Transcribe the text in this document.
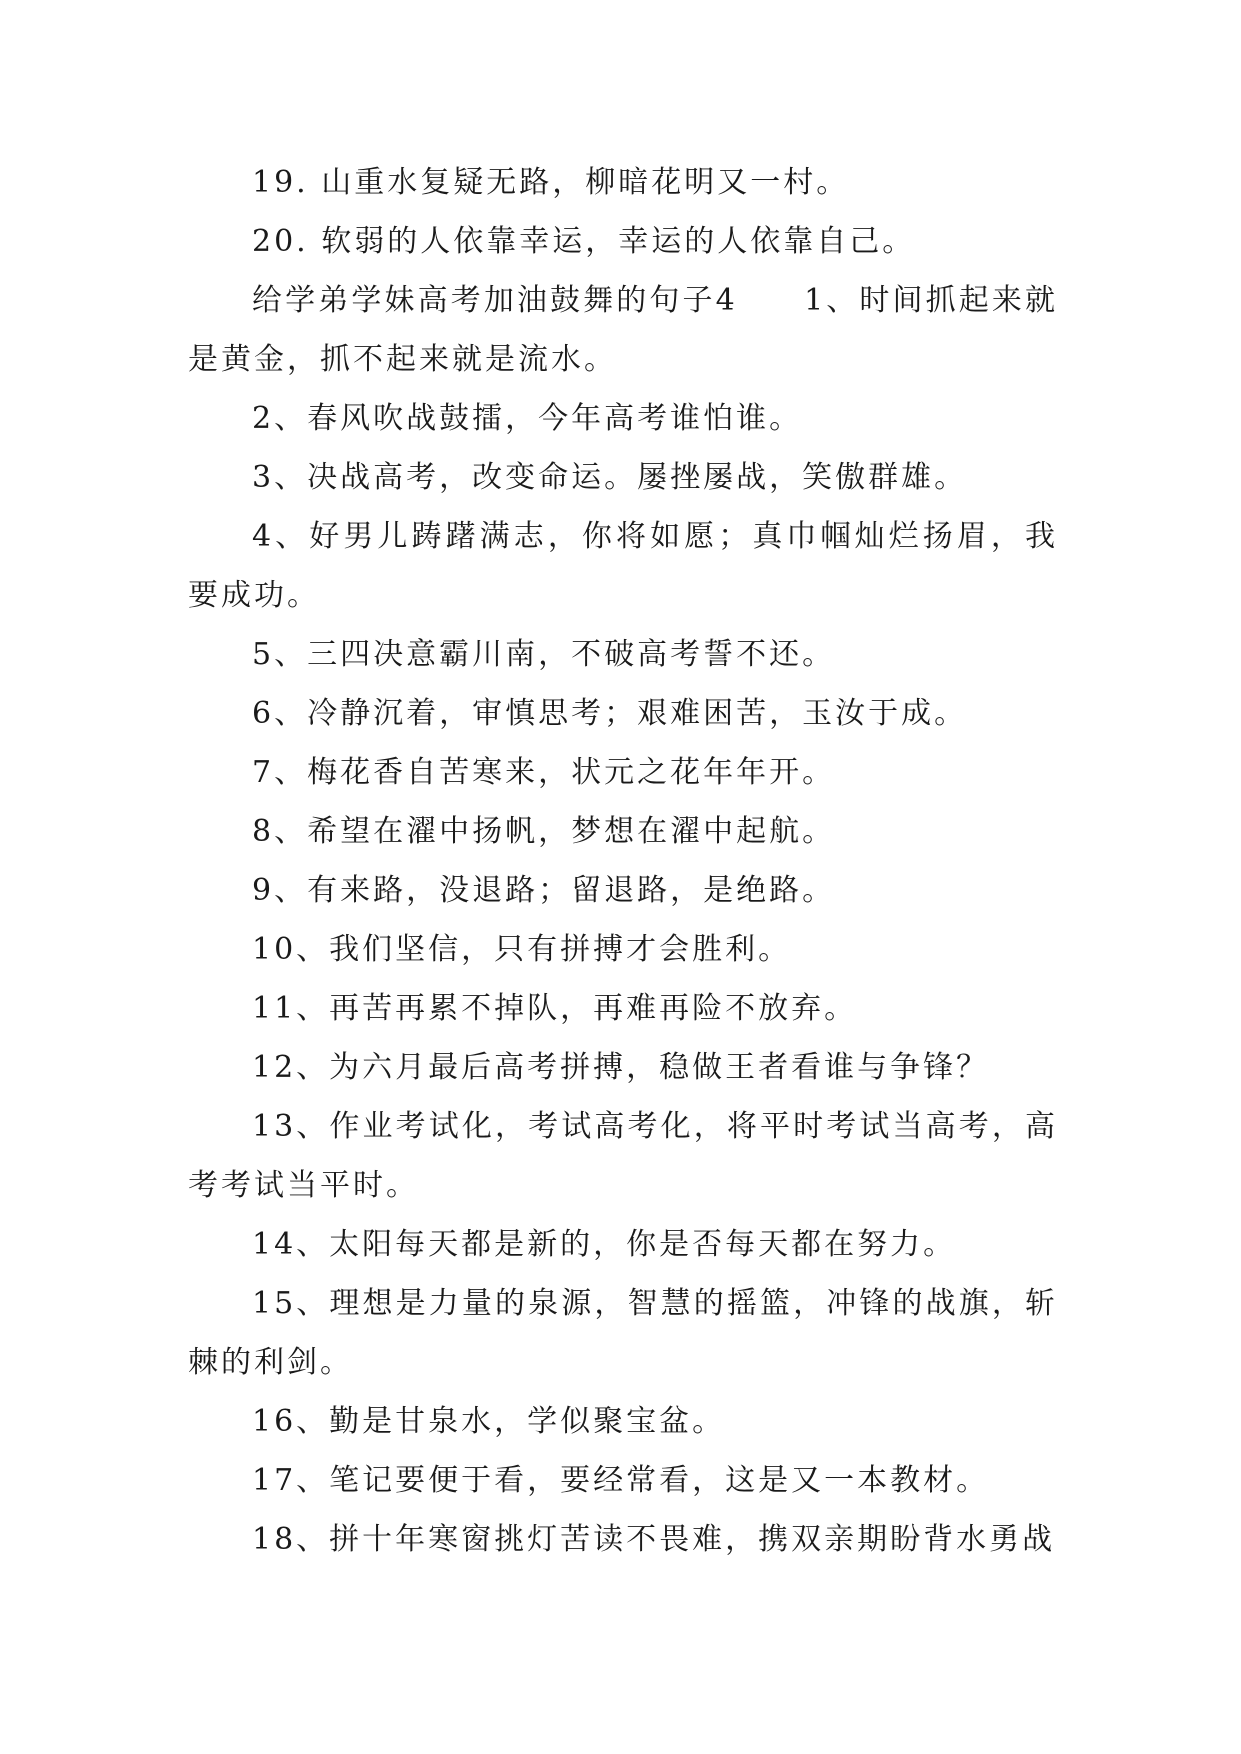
19. 山重水复疑无路，柳暗花明又一村。

20. 软弱的人依靠幸运，幸运的人依靠自己。

给学弟学妹高考加油鼓舞的句子4　　1、时间抓起来就是黄金，抓不起来就是流水。

2、春风吹战鼓擂，今年高考谁怕谁。

3、决战高考，改变命运。屡挫屡战，笑傲群雄。

4、好男儿踌躇满志，你将如愿；真巾帼灿烂扬眉，我要成功。

5、三四决意霸川南，不破高考誓不还。

6、冷静沉着，审慎思考；艰难困苦，玉汝于成。

7、梅花香自苦寒来，状元之花年年开。

8、希望在濯中扬帆，梦想在濯中起航。

9、有来路，没退路；留退路，是绝路。

10、我们坚信，只有拼搏才会胜利。

11、再苦再累不掉队，再难再险不放弃。

12、为六月最后高考拼搏，稳做王者看谁与争锋？

13、作业考试化，考试高考化，将平时考试当高考，高考考试当平时。

14、太阳每天都是新的，你是否每天都在努力。

15、理想是力量的泉源，智慧的摇篮，冲锋的战旗，斩棘的利剑。

16、勤是甘泉水，学似聚宝盆。

17、笔记要便于看，要经常看，这是又一本教材。

18、拼十年寒窗挑灯苦读不畏难，携双亲期盼背水勇战
